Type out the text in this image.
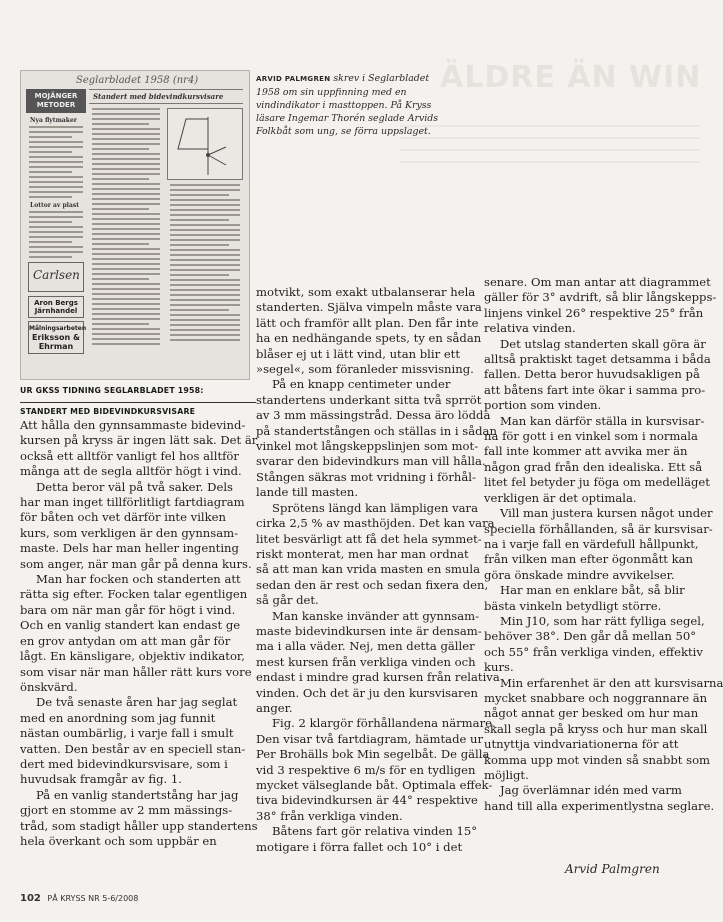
ÄLDRE ÄN WIN
Seglarbladet 1958 (nr4)
MOJÄNGER METODER
Nya flytmaker
Lottor av plast
Carlsen
Aron Bergs Järnhandel
Målningsarbeten
Eriksson & Ehrman
Standert med bidevindkursvisare
ARVID PALMGREN skrev i Seglarbladet 1958 om sin uppfinning med en vindindikator i masttoppen. På Kryss läsare Ingemar Thorén seglade Arvids Folkbåt som ung, se förra uppslaget.
UR GKSS TIDNING SEGLARBLADET 1958:
STANDERT MED BIDEVINDKURSVISARE

Att hålla den gynnsammaste bidevind-

kursen på kryss är ingen lätt sak. Det är

också ett alltför vanligt fel hos alltför

många att de segla alltför högt i vind.

Detta beror väl på två saker. Dels

har man inget tillförlitligt fartdiagram

för båten och vet därför inte vilken

kurs, som verkligen är den gynnsam-

maste. Dels har man heller ingenting

som anger, när man går på denna kurs.

Man har focken och standerten att

rätta sig efter. Focken talar egentligen

bara om när man går för högt i vind.

Och en vanlig standert kan endast ge

en grov antydan om att man går för

lågt. En känsligare, objektiv indikator,

som visar när man håller rätt kurs vore

önskvärd.

De två senaste åren har jag seglat

med en anordning som jag funnit

nästan oumbärlig, i varje fall i smult

vatten. Den består av en speciell stan-

dert med bidevindkursvisare, som i

huvudsak framgår av fig. 1.

På en vanlig standertstång har jag

gjort en stomme av 2 mm mässings-

tråd, som stadigt håller upp standertens

hela överkant och som uppbär en

motvikt, som exakt utbalanserar hela

standerten. Själva vimpeln måste vara

lätt och framför allt plan. Den får inte

ha en nedhängande spets, ty en sådan

blåser ej ut i lätt vind, utan blir ett

»segel«, som föranleder missvisning.

På en knapp centimeter under

standertens underkant sitta två sprröt

av 3 mm mässingstråd. Dessa äro lödda

på standertstången och ställas in i sådan

vinkel mot långskeppslinjen som mot-

svarar den bidevindkurs man vill hålla.

Stången säkras mot vridning i förhål-

lande till masten.

Sprötens längd kan lämpligen vara

cirka 2,5 % av masthöjden. Det kan vara

litet besvärligt att få det hela symmet-

riskt monterat, men har man ordnat

så att man kan vrida masten en smula

sedan den är rest och sedan fixera den,

så går det.

Man kanske invänder att gynnsam-

maste bidevindkursen inte är densam-

ma i alla väder. Nej, men detta gäller

mest kursen från verkliga vinden och

endast i mindre grad kursen från relativa

vinden. Och det är ju den kursvisaren

anger.

Fig. 2 klargör förhållandena närmare.

Den visar två fartdiagram, hämtade ur

Per Brohälls bok Min segelbåt. De gälla

vid 3 respektive 6 m/s för en tydligen

mycket välseglande båt. Optimala effek-

tiva bidevindkursen är 44° respektive

38° från verkliga vinden.

Båtens fart gör relativa vinden 15°

motigare i förra fallet och 10° i det

senare. Om man antar att diagrammet

gäller för 3° avdrift, så blir långskepps-

linjens vinkel 26° respektive 25° från

relativa vinden.

Det utslag standerten skall göra är

alltså praktiskt taget detsamma i båda

fallen. Detta beror huvudsakligen på

att båtens fart inte ökar i samma pro-

portion som vinden.

Man kan därför ställa in kursvisar-

na för gott i en vinkel som i normala

fall inte kommer att avvika mer än

någon grad från den idealiska. Ett så

litet fel betyder ju föga om medelläget

verkligen är det optimala.

Vill man justera kursen något under

speciella förhållanden, så är kursvisar-

na i varje fall en värdefull hållpunkt,

från vilken man efter ögonmått kan

göra önskade mindre avvikelser.

Har man en enklare båt, så blir

bästa vinkeln betydligt större.

Min J10, som har rätt fylliga segel,

behöver 38°. Den går då mellan 50°

och 55° från verkliga vinden, effektiv

kurs.

Min erfarenhet är den att kursvisarna

mycket snabbare och noggrannare än

något annat ger besked om hur man

skall segla på kryss och hur man skall

utnyttja vindvariationerna för att

komma upp mot vinden så snabbt som

möjligt.

Jag överlämnar idén med varm

hand till alla experimentlystna seglare.

Arvid Palmgren
102 PÅ KRYSS NR 5-6/2008
